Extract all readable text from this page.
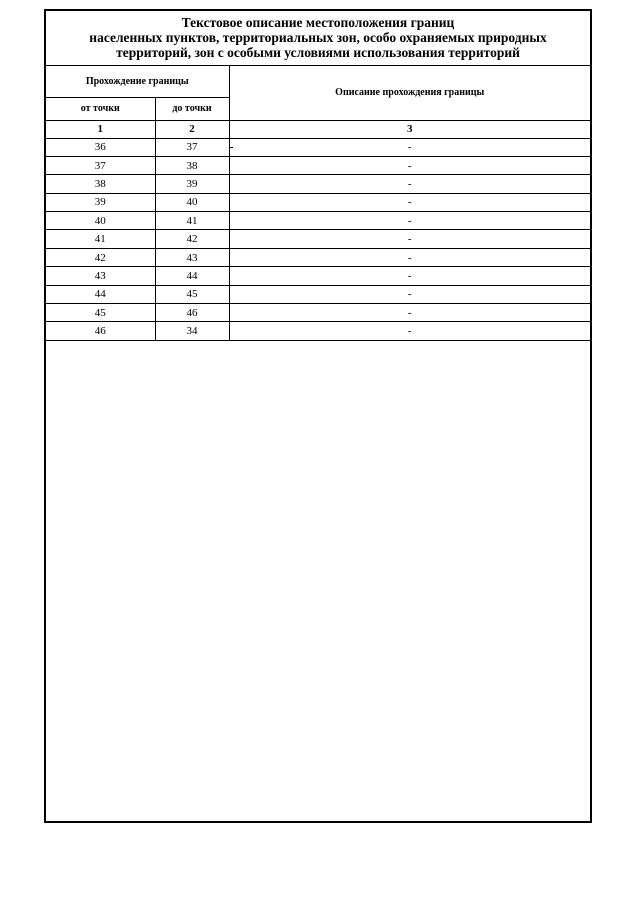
Текстовое описание местоположения границ
населенных пунктов, территориальных зон, особо охраняемых природных
территорий, зон с особыми условиями использования территорий
Прохождение границы		Описание прохождения границы
от точки	до точки	
1	2	3
36	37	-
37	38	-
38	39	-
39	40	-
40	41	-
41	42	-
42	43	-
43	44	-
44	45	-
45	46	-
46	34	-
